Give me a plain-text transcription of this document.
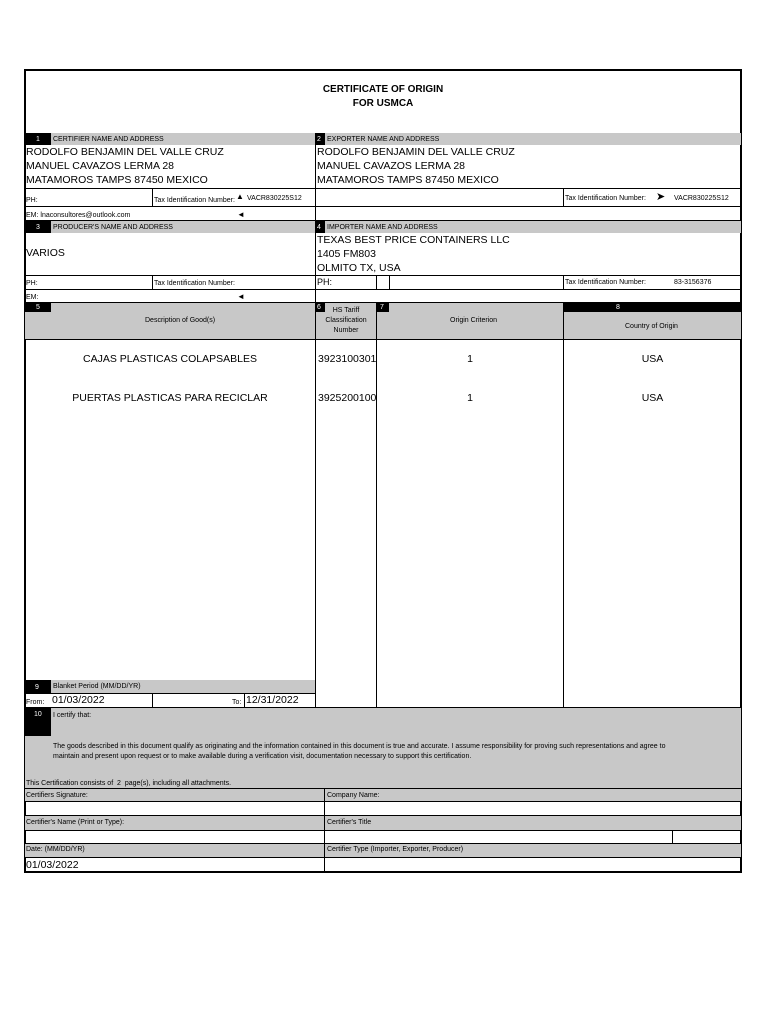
CERTIFICATE OF ORIGIN
FOR USMCA
1 CERTIFIER NAME AND ADDRESS	2 EXPORTER NAME AND ADDRESS
RODOLFO BENJAMIN DEL VALLE CRUZ
MANUEL CAVAZOS LERMA 28
MATAMOROS TAMPS 87450 MEXICO
RODOLFO BENJAMIN DEL VALLE CRUZ
MANUEL CAVAZOS LERMA 28
MATAMOROS TAMPS 87450 MEXICO
PH:	Tax Identification Number: ▲ VACR830225S12	Tax Identification Number: ➤ VACR830225S12
EM: lnaconsultores@outlook.com	◄
3 PRODUCER'S NAME AND ADDRESS	4 IMPORTER NAME AND ADDRESS
VARIOS
TEXAS BEST PRICE CONTAINERS LLC
1405 FM803
OLMITO TX, USA
PH:	Tax Identification Number:	PH:	Tax Identification Number:	83-3156376
EM:	◄
5
Description of Good(s)
6	HS Tariff
Classification
Number
7
Origin Criterion
8
Country of Origin
CAJAS PLASTICAS COLAPSABLES	3923100301	1	USA
PUERTAS PLASTICAS PARA RECICLAR	3925200100	1	USA
9 Blanket Period (MM/DD/YR)
From: 01/03/2022	To: 12/31/2022
10 I certify that:
The goods described in this document qualify as originating and the information contained in this document is true and accurate. I assume responsibility for proving such representations and agree to
maintain and present upon request or to make available during a verification visit, documentation necessary to support this certification.
This Certification consists of 2 page(s), including all attachments.
Certifiers Signature:	Company Name:
Certifier's Name (Print or Type):	Certifier's Title
Date: (MM/DD/YR)	Certifier Type (Importer, Exporter, Producer)
01/03/2022
